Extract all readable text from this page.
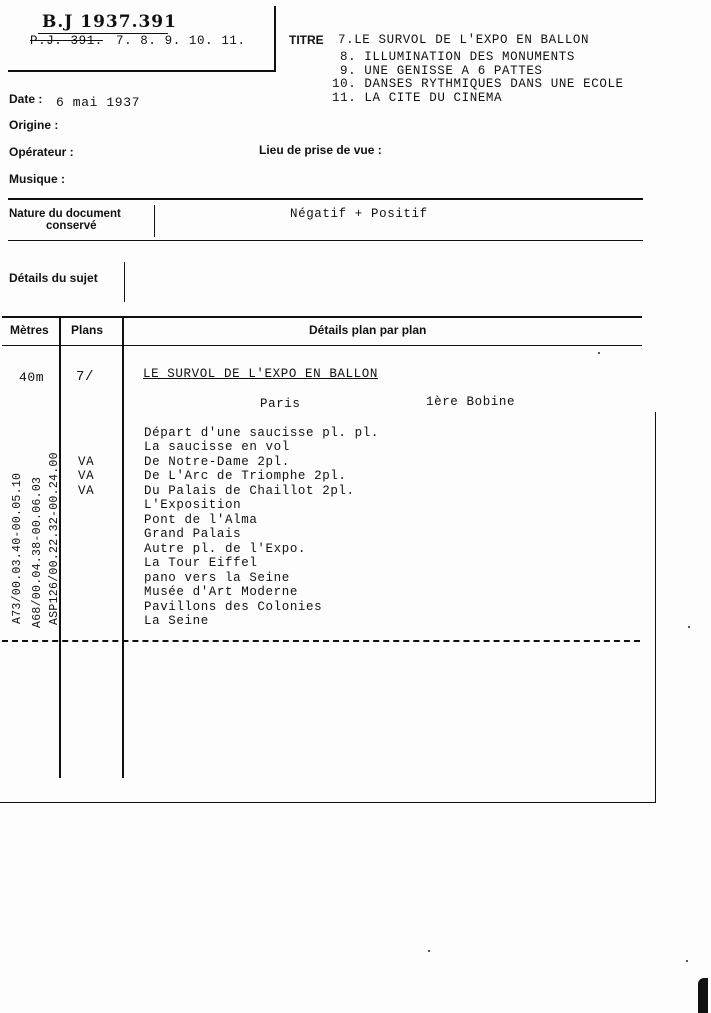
B.J 1937.391
P.J. 391. 7. 8. 9. 10. 11.	TITRE 7.LE SURVOL DE L'EXPO EN BALLON
8. ILLUMINATION DES MONUMENTS
9. UNE GENISSE A 6 PATTES
10. DANSES RYTHMIQUES DANS UNE ECOLE
11. LA CITE DU CINEMA
Date : 6 mai 1937
Origine :
Opérateur :	Lieu de prise de vue :
Musique :
Nature du document
conservé
Négatif + Positif
Détails du sujet
Mètres Plans	Détails plan par plan
40m 7/	LE SURVOL DE L'EXPO EN BALLON
Paris	1ère Bobine
Départ d'une saucisse pl. pl.
La saucisse en vol
VA	De Notre-Dame 2pl.
VA	De L'Arc de Triomphe 2pl.
VA	Du Palais de Chaillot 2pl.
L'Exposition
Pont de l'Alma
Grand Palais
Autre pl. de l'Expo.
La Tour Eiffel
pano vers la Seine
Musée d'Art Moderne
Pavillons des Colonies
La Seine
A73/00.03.40-00.05.10 A68/00.04.38-00.06.03 ASP126/00.22.32-00.24.00
